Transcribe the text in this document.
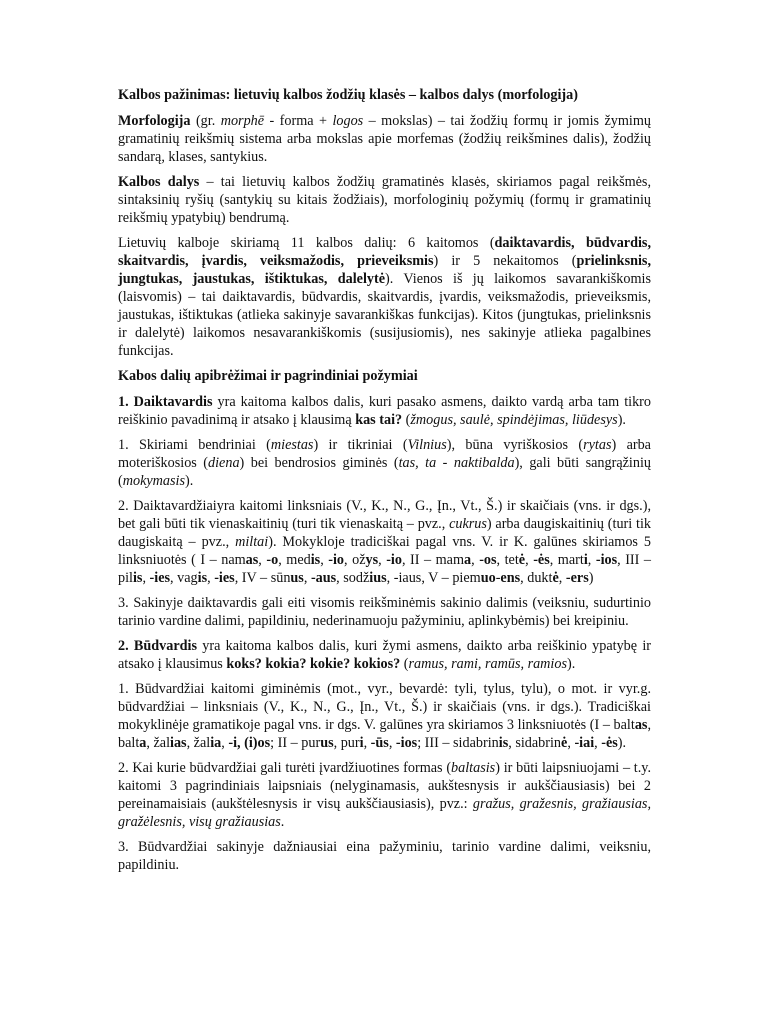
Kalbos pažinimas: lietuvių kalbos žodžių klasės – kalbos dalys (morfologija)

Morfologija (gr. morphē - forma + logos – mokslas) – tai žodžių formų ir jomis žymimų gramatinių reikšmių sistema arba mokslas apie morfemas (žodžių reikšmines dalis), žodžių sandarą, klases, santykius.

Kalbos dalys – tai lietuvių kalbos žodžių gramatinės klasės, skiriamos pagal reikšmės, sintaksinių ryšių (santykių su kitais žodžiais), morfologinių požymių (formų ir gramatinių reikšmių ypatybių) bendrumą.

Lietuvių kalboje skiriamą 11 kalbos dalių: 6 kaitomos (daiktavardis, būdvardis, skaitvardis, įvardis, veiksmažodis, prieveiksmis) ir 5 nekaitomos (prielinksnis, jungtukas, jaustukas, ištiktukas, dalelytė). Vienos iš jų laikomos savarankiškomis (laisvomis) – tai daiktavardis, būdvardis, skaitvardis, įvardis, veiksmažodis, prieveiksmis, jaustukas, ištiktukas (atlieka sakinyje savarankiškas funkcijas). Kitos (jungtukas, prielinksnis ir dalelytė) laikomos nesavarankiškomis (susijusiomis), nes sakinyje atlieka pagalbines funkcijas.

Kabos dalių apibrėžimai ir pagrindiniai požymiai

1. Daiktavardis yra kaitoma kalbos dalis, kuri pasako asmens, daikto vardą arba tam tikro reiškinio pavadinimą ir atsako į klausimą kas tai? (žmogus, saulė, spindėjimas, liūdesys).

1. Skiriami bendriniai (miestas) ir tikriniai (Vilnius), būna vyriškosios (rytas) arba moteriškosios (diena) bei bendrosios giminės (tas, ta - naktibalda), gali būti sangrąžinių (mokymasis).

2. Daiktavardžiaiyra kaitomi linksniais (V., K., N., G., Įn., Vt., Š.) ir skaičiais (vns. ir dgs.), bet gali būti tik vienaskaitinių (turi tik vienaskaitą – pvz., cukrus) arba daugiskaitinių (turi tik daugiskaitą – pvz., miltai). Mokykloje tradiciškai pagal vns. V. ir K. galūnes skiriamos 5 linksniuotės ( I – namas, -o, medis, -io, ožys, -io, II – mama, -os, tetė, -ės, marti, -ios, III – pilis, -ies, vagis, -ies, IV – sūnus, -aus, sodžius, -iaus, V – piemuo-ens, duktė, -ers)

3. Sakinyje daiktavardis gali eiti visomis reikšminėmis sakinio dalimis (veiksniu, sudurtinio tarinio vardine dalimi, papildiniu, nederinamuoju pažyminiu, aplinkybėmis) bei kreipiniu.

2. Būdvardis yra kaitoma kalbos dalis, kuri žymi asmens, daikto arba reiškinio ypatybę ir atsako į klausimus koks? kokia? kokie? kokios? (ramus, rami, ramūs, ramios).

1. Būdvardžiai kaitomi giminėmis (mot., vyr., bevardė: tyli, tylus, tylu), o mot. ir vyr.g. būdvardžiai – linksniais (V., K., N., G., Įn., Vt., Š.) ir skaičiais (vns. ir dgs.). Tradiciškai mokyklinėje gramatikoje pagal vns. ir dgs. V. galūnes yra skiriamos 3 linksniuotės (I – baltas, balta, žalias, žalia, -i, (i)os; II – purus, puri, -ūs, -ios; III – sidabrinis, sidabrinė, -iai, -ės).

2. Kai kurie būdvardžiai gali turėti įvardžiuotines formas (baltasis) ir būti laipsniuojami – t.y. kaitomi 3 pagrindiniais laipsniais (nelyginamasis, aukštesnysis ir aukščiausiasis) bei 2 pereinamaisiais (aukštėlesnysis ir visų aukščiausiasis), pvz.: gražus, gražesnis, gražiausias, gražėlesnis, visų gražiausias.

3. Būdvardžiai sakinyje dažniausiai eina pažyminiu, tarinio vardine dalimi, veiksniu, papildiniu.
